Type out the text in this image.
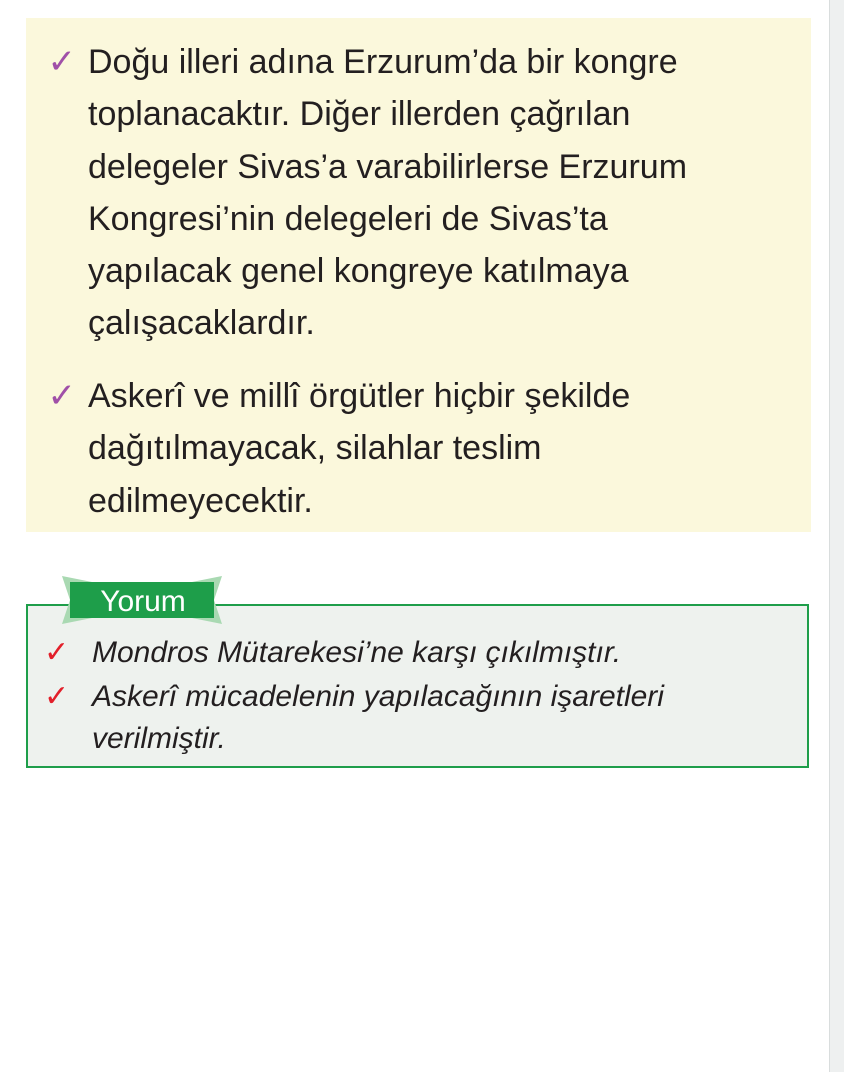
✓ Doğu illeri adına Erzurum’da bir kongre
toplanacaktır. Diğer illerden çağrılan
delegeler Sivas’a varabilirlerse Erzurum
Kongresi’nin delegeleri de Sivas’ta
yapılacak genel kongreye katılmaya
çalışacaklardır.
✓ Askerî ve millî örgütler hiçbir şekilde
dağıtılmayacak, silahlar teslim
edilmeyecektir.
Yorum
✓ Mondros Mütarekesi’ne karşı çıkılmıştır.
✓ Askerî mücadelenin yapılacağının işaretleri
verilmiştir.
